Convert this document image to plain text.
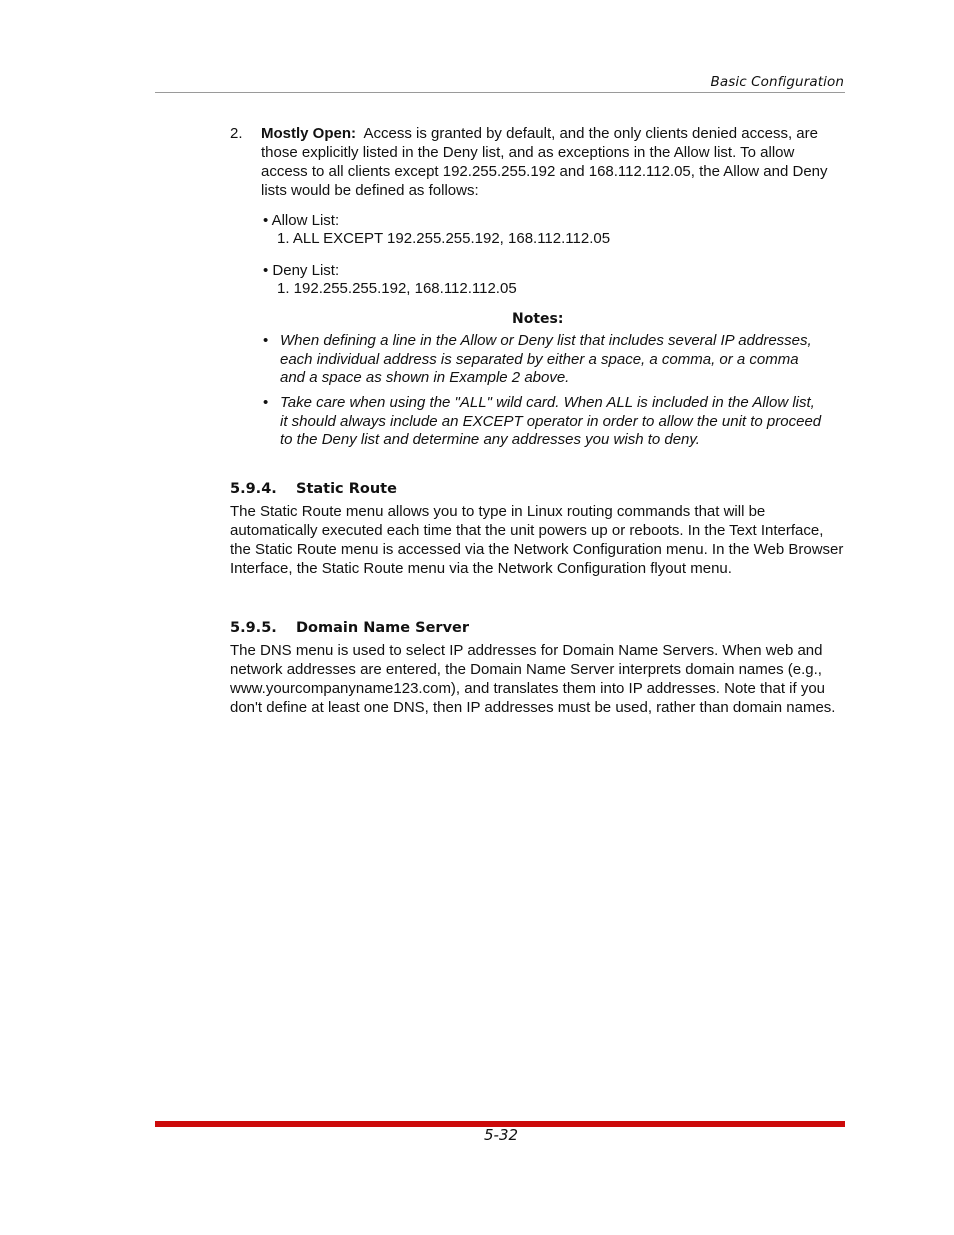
Basic Configuration
2. Mostly Open: Access is granted by default, and the only clients denied access, are those explicitly listed in the Deny list, and as exceptions in the Allow list. To allow access to all clients except 192.255.255.192 and 168.112.112.05, the Allow and Deny lists would be defined as follows:
• Allow List:
1. ALL EXCEPT 192.255.255.192, 168.112.112.05
• Deny List:
1. 192.255.255.192, 168.112.112.05
Notes:
• When defining a line in the Allow or Deny list that includes several IP addresses, each individual address is separated by either a space, a comma, or a comma and a space as shown in Example 2 above.
• Take care when using the "ALL" wild card. When ALL is included in the Allow list, it should always include an EXCEPT operator in order to allow the unit to proceed to the Deny list and determine any addresses you wish to deny.
5.9.4. Static Route
The Static Route menu allows you to type in Linux routing commands that will be automatically executed each time that the unit powers up or reboots. In the Text Interface, the Static Route menu is accessed via the Network Configuration menu. In the Web Browser Interface, the Static Route menu via the Network Configuration flyout menu.
5.9.5. Domain Name Server
The DNS menu is used to select IP addresses for Domain Name Servers. When web and network addresses are entered, the Domain Name Server interprets domain names (e.g., www.yourcompanyname123.com), and translates them into IP addresses. Note that if you don't define at least one DNS, then IP addresses must be used, rather than domain names.
5-32
